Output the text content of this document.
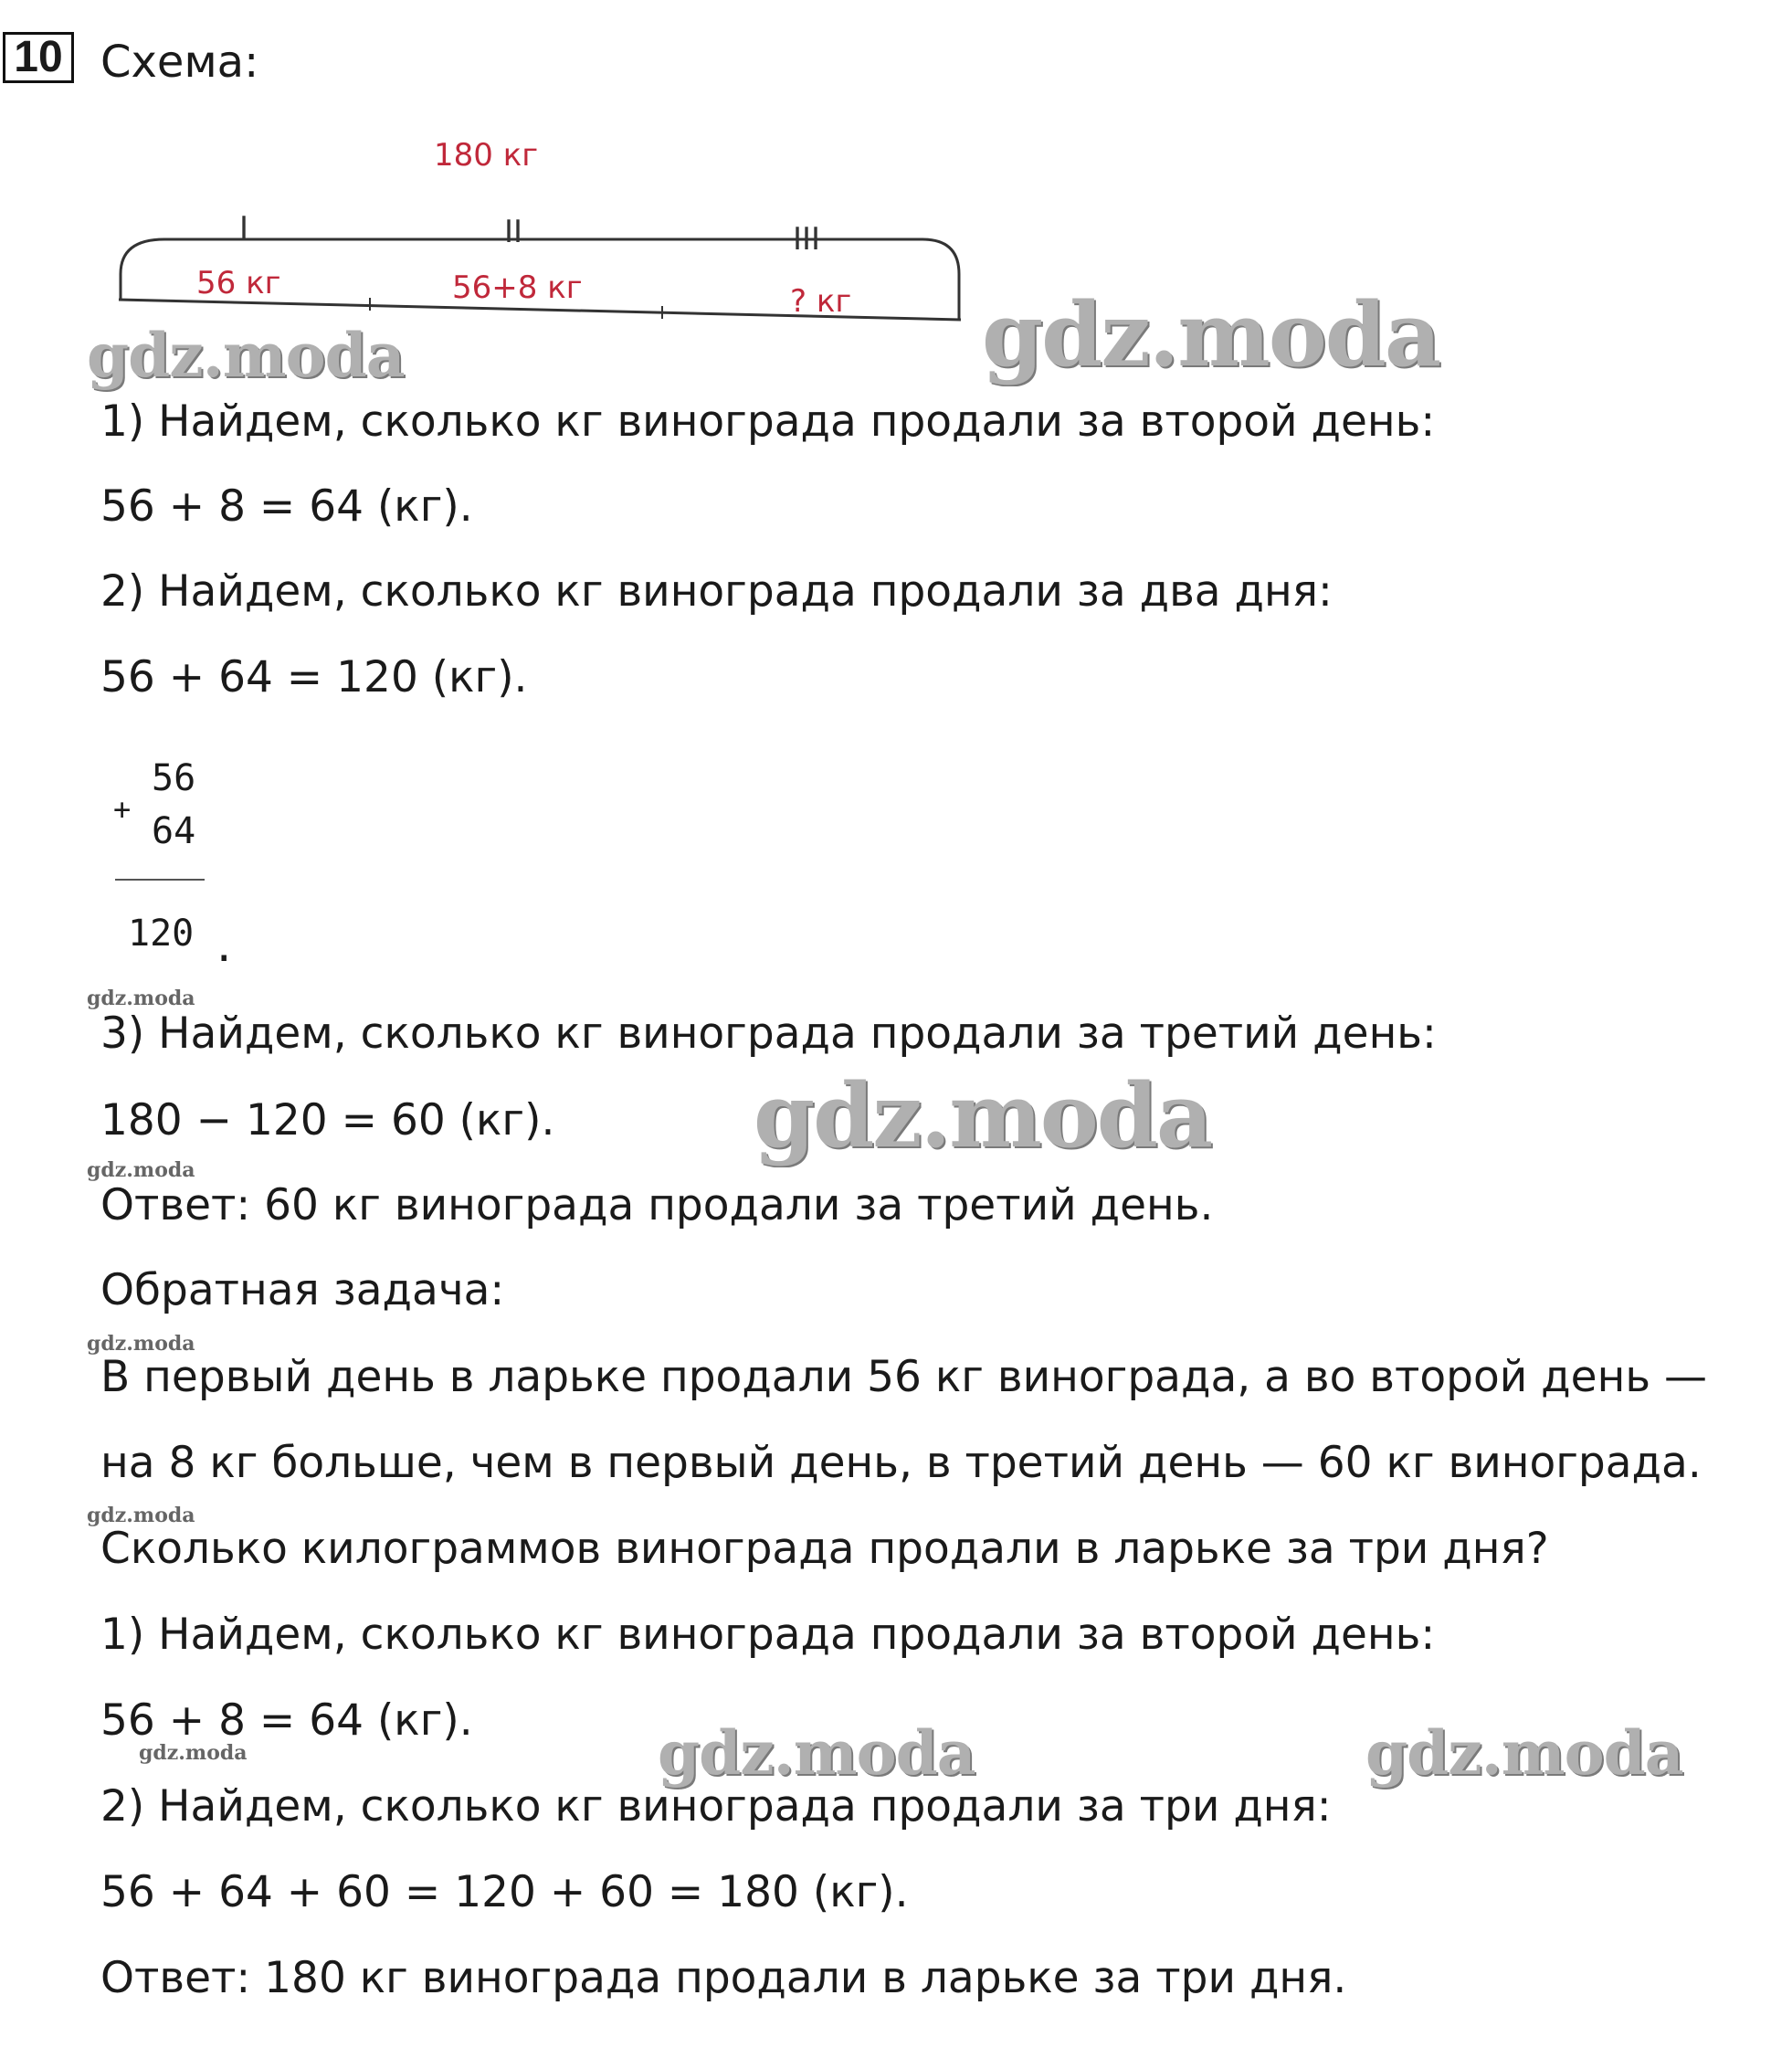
10 Схема:
180 кг
I	II	III
56 кг	56+8 кг	? кг
1) Найдем, сколько кг винограда продали за второй день:
56 + 8 = 64 (кг).
2) Найдем, сколько кг винограда продали за два дня:
56 + 64 = 120 (кг).
+
56
64
120 .
3) Найдем, сколько кг винограда продали за третий день:
180 − 120 = 60 (кг).
Ответ: 60 кг винограда продали за третий день.
Обратная задача:
В первый день в ларьке продали 56 кг винограда, а во второй день —
на 8 кг больше, чем в первый день, в третий день — 60 кг винограда.
Сколько килограммов винограда продали в ларьке за три дня?
1) Найдем, сколько кг винограда продали за второй день:
56 + 8 = 64 (кг).
2) Найдем, сколько кг винограда продали за три дня:
56 + 64 + 60 = 120 + 60 = 180 (кг).
Ответ: 180 кг винограда продали в ларьке за три дня.
gdz.moda	gdz.moda
gdz.moda
gdz.moda	gdz.moda
gdz.moda
gdz.moda
gdz.moda
gdz.moda
gdz.moda
